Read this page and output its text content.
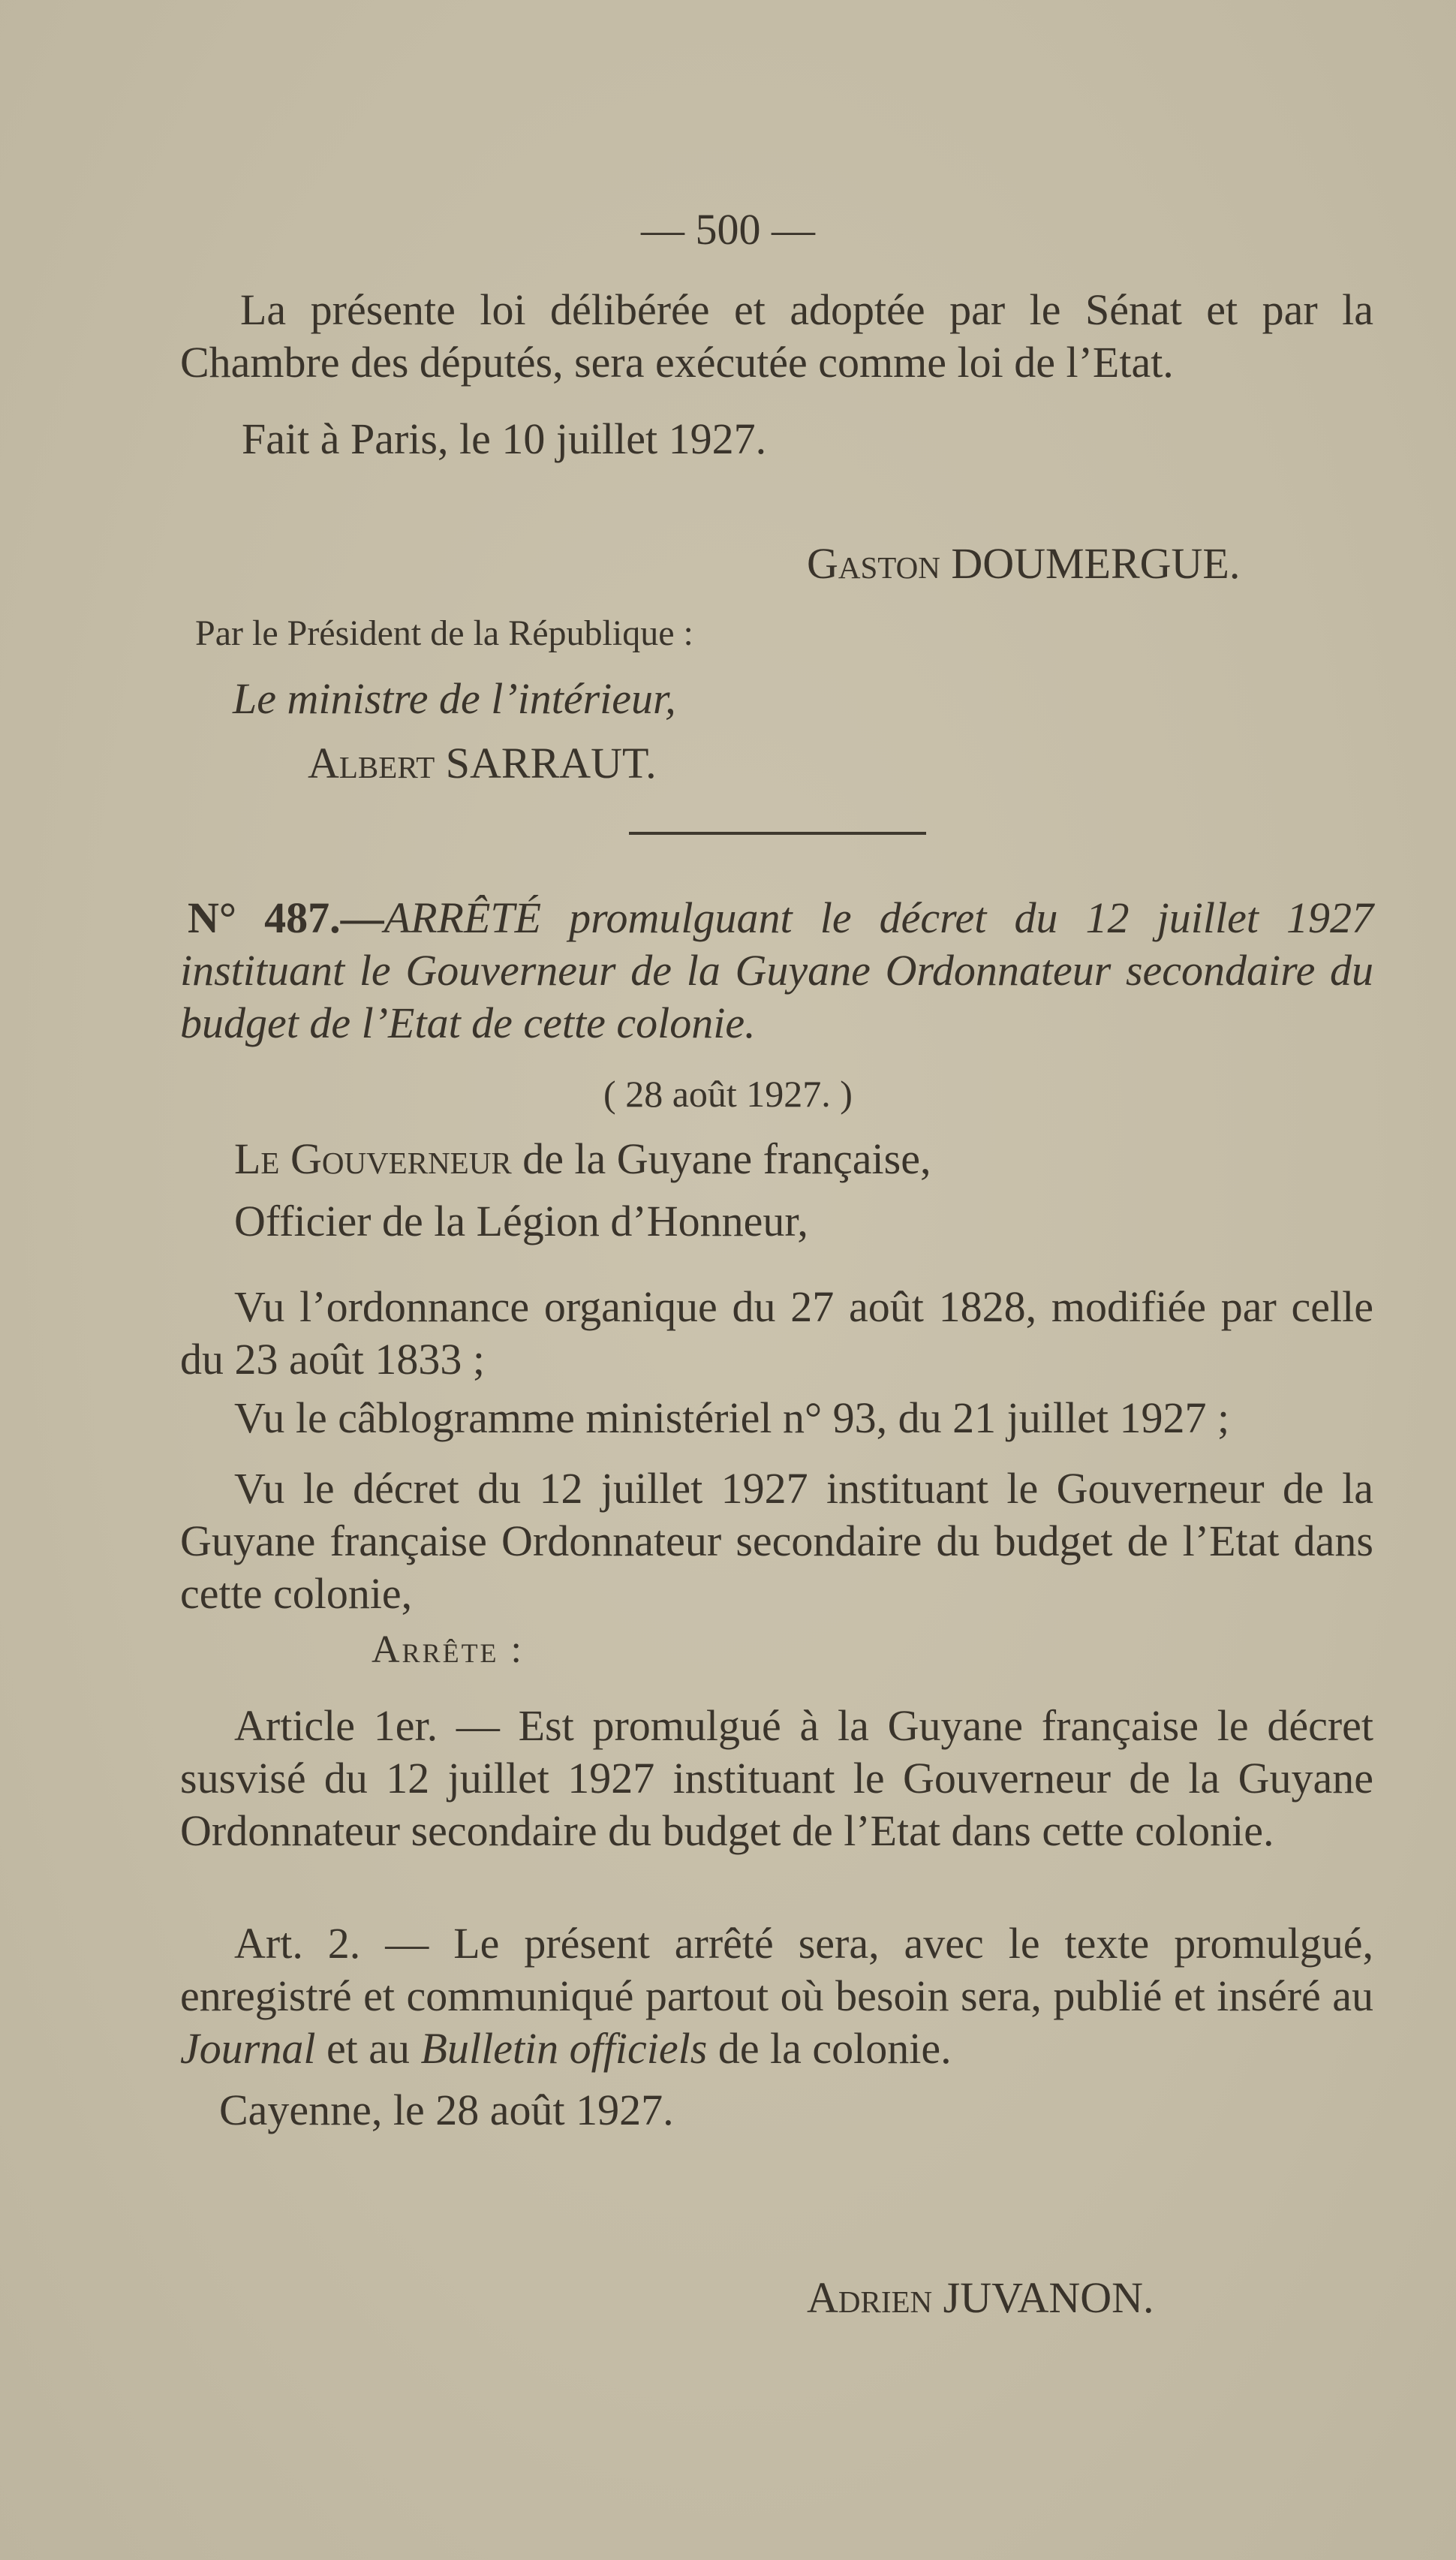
— 500 —
La présente loi délibérée et adoptée par le Sénat et par la Chambre des députés, sera exécutée comme loi de l’Etat.
Fait à Paris, le 10 juillet 1927.
Gaston DOUMERGUE.
Par le Président de la République :
Le ministre de l’intérieur,
Albert SARRAUT.
N° 487.—ARRÊTÉ promulguant le décret du 12 juillet 1927 instituant le Gouverneur de la Guyane Ordonnateur secondaire du budget de l’Etat de cette colonie.
( 28 août 1927. )
Le Gouverneur de la Guyane française,
Officier de la Légion d’Honneur,
Vu l’ordonnance organique du 27 août 1828, modifiée par celle du 23 août 1833 ;
Vu le câblogramme ministériel n° 93, du 21 juillet 1927 ;
Vu le décret du 12 juillet 1927 instituant le Gouverneur de la Guyane française Ordonnateur secondaire du budget de l’Etat dans cette colonie,
Arrête :
Article 1er. — Est promulgué à la Guyane française le décret susvisé du 12 juillet 1927 instituant le Gouverneur de la Guyane Ordonnateur secondaire du budget de l’Etat dans cette colonie.
Art. 2. — Le présent arrêté sera, avec le texte promulgué, enregistré et communiqué partout où besoin sera, publié et inséré au Journal et au Bulletin officiels de la colonie.
Cayenne, le 28 août 1927.
Adrien JUVANON.
